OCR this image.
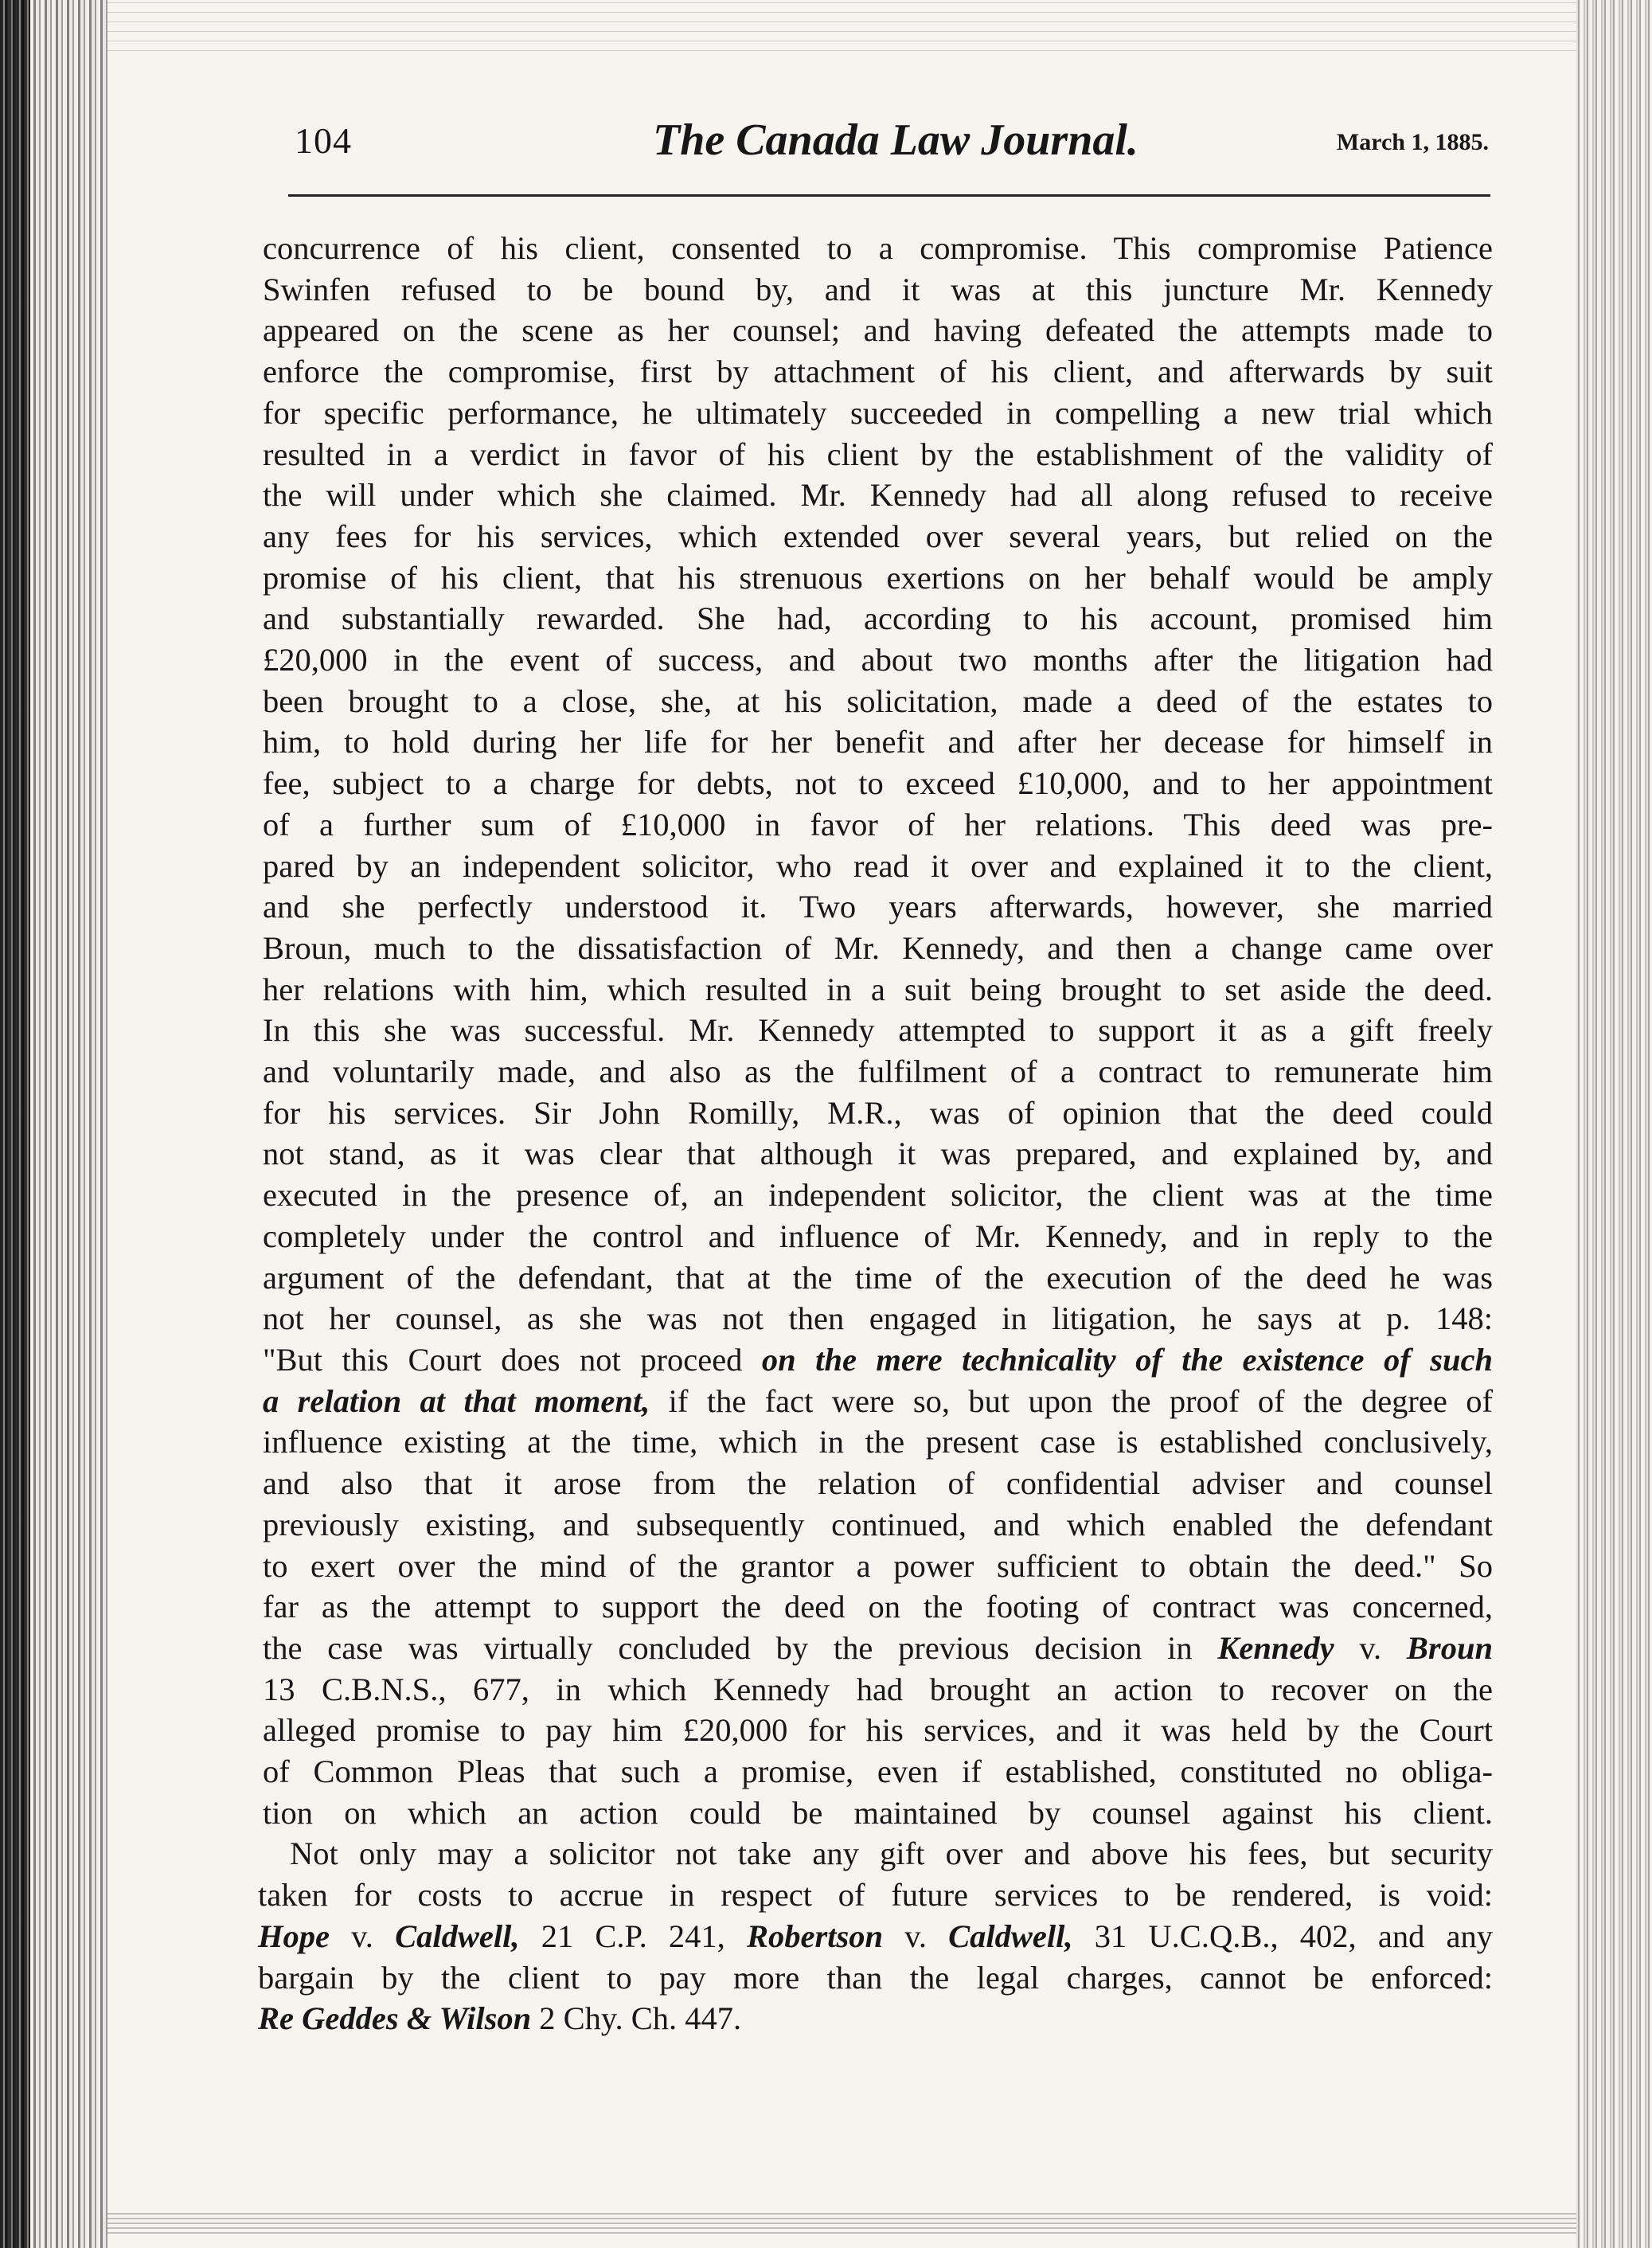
104	The Canada Law Journal.	March 1, 1885.
concurrence of his client, consented to a compromise. This compromise Patience
Swinfen refused to be bound by, and it was at this juncture Mr. Kennedy
appeared on the scene as her counsel; and having defeated the attempts made to
enforce the compromise, first by attachment of his client, and afterwards by suit
for specific performance, he ultimately succeeded in compelling a new trial which
resulted in a verdict in favor of his client by the establishment of the validity of
the will under which she claimed. Mr. Kennedy had all along refused to receive
any fees for his services, which extended over several years, but relied on the
promise of his client, that his strenuous exertions on her behalf would be amply
and substantially rewarded. She had, according to his account, promised him
£20,000 in the event of success, and about two months after the litigation had
been brought to a close, she, at his solicitation, made a deed of the estates to
him, to hold during her life for her benefit and after her decease for himself in
fee, subject to a charge for debts, not to exceed £10,000, and to her appointment
of a further sum of £10,000 in favor of her relations. This deed was pre-
pared by an independent solicitor, who read it over and explained it to the client,
and she perfectly understood it. Two years afterwards, however, she married
Broun, much to the dissatisfaction of Mr. Kennedy, and then a change came over
her relations with him, which resulted in a suit being brought to set aside the deed.
In this she was successful. Mr. Kennedy attempted to support it as a gift freely
and voluntarily made, and also as the fulfilment of a contract to remunerate him
for his services. Sir John Romilly, M.R., was of opinion that the deed could
not stand, as it was clear that although it was prepared, and explained by, and
executed in the presence of, an independent solicitor, the client was at the time
completely under the control and influence of Mr. Kennedy, and in reply to the
argument of the defendant, that at the time of the execution of the deed he was
not her counsel, as she was not then engaged in litigation, he says at p. 148:
"But this Court does not proceed on the mere technicality of the existence of such
a relation at that moment, if the fact were so, but upon the proof of the degree of
influence existing at the time, which in the present case is established conclusively,
and also that it arose from the relation of confidential adviser and counsel
previously existing, and subsequently continued, and which enabled the defendant
to exert over the mind of the grantor a power sufficient to obtain the deed." So
far as the attempt to support the deed on the footing of contract was concerned,
the case was virtually concluded by the previous decision in Kennedy v. Broun
13 C.B.N.S., 677, in which Kennedy had brought an action to recover on the
alleged promise to pay him £20,000 for his services, and it was held by the Court
of Common Pleas that such a promise, even if established, constituted no obliga-
tion on which an action could be maintained by counsel against his client.
Not only may a solicitor not take any gift over and above his fees, but security
taken for costs to accrue in respect of future services to be rendered, is void:
Hope v. Caldwell, 21 C.P. 241, Robertson v. Caldwell, 31 U.C.Q.B., 402, and any
bargain by the client to pay more than the legal charges, cannot be enforced:
Re Geddes & Wilson 2 Chy. Ch. 447.
